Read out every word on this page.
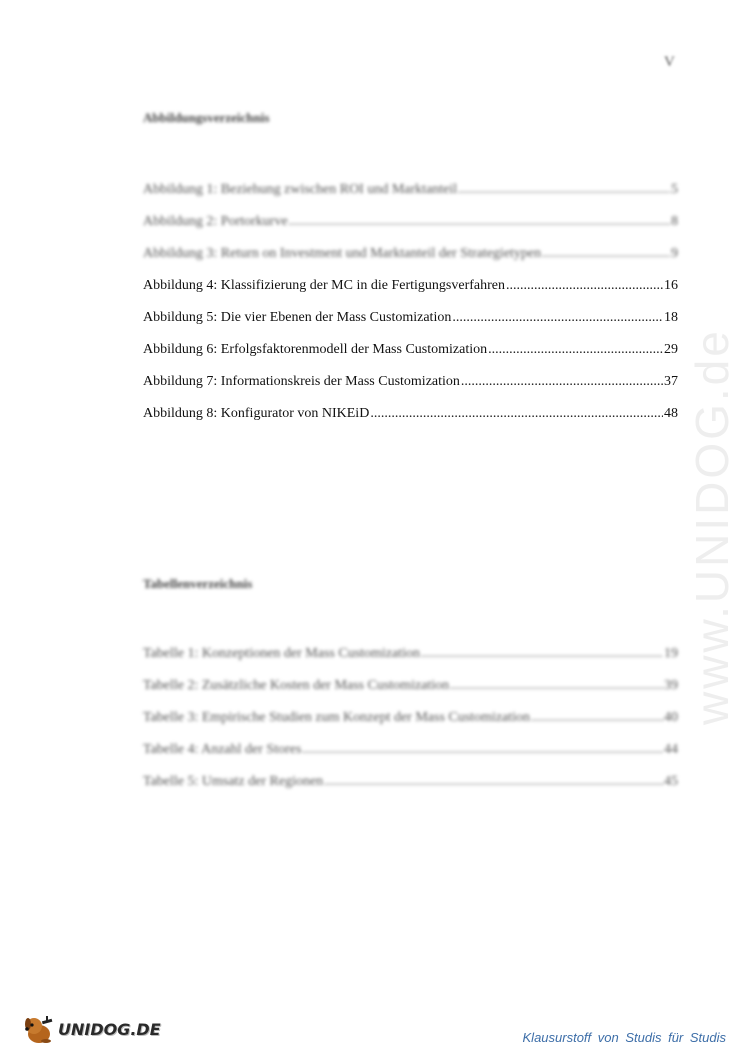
V
Abbildungsverzeichnis
Abbildung 1: Beziehung zwischen ROI und Marktanteil .....	5
Abbildung 2: Portorkurve .....	8
Abbildung 3: Return on Investment und Marktanteil der Strategietypen .....	9
Abbildung 4: Klassifizierung der MC in die Fertigungsverfahren .....	16
Abbildung 5: Die vier Ebenen der Mass Customization .....	18
Abbildung 6: Erfolgsfaktorenmodell der Mass Customization .....	29
Abbildung 7: Informationskreis der Mass Customization .....	37
Abbildung 8: Konfigurator von NIKEiD .....	48
Tabellenverzeichnis
Tabelle 1: Konzeptionen der Mass Customization .....	19
Tabelle 2: Zusätzliche Kosten der Mass Customization .....	39
Tabelle 3: Empirische Studien zum Konzept der Mass Customization .....	40
Tabelle 4: Anzahl der Stores .....	44
Tabelle 5: Umsatz der Regionen .....	45
www.UNIDOG.de
UNIDOG.DE	Klausurstoff von Studis für Studis
